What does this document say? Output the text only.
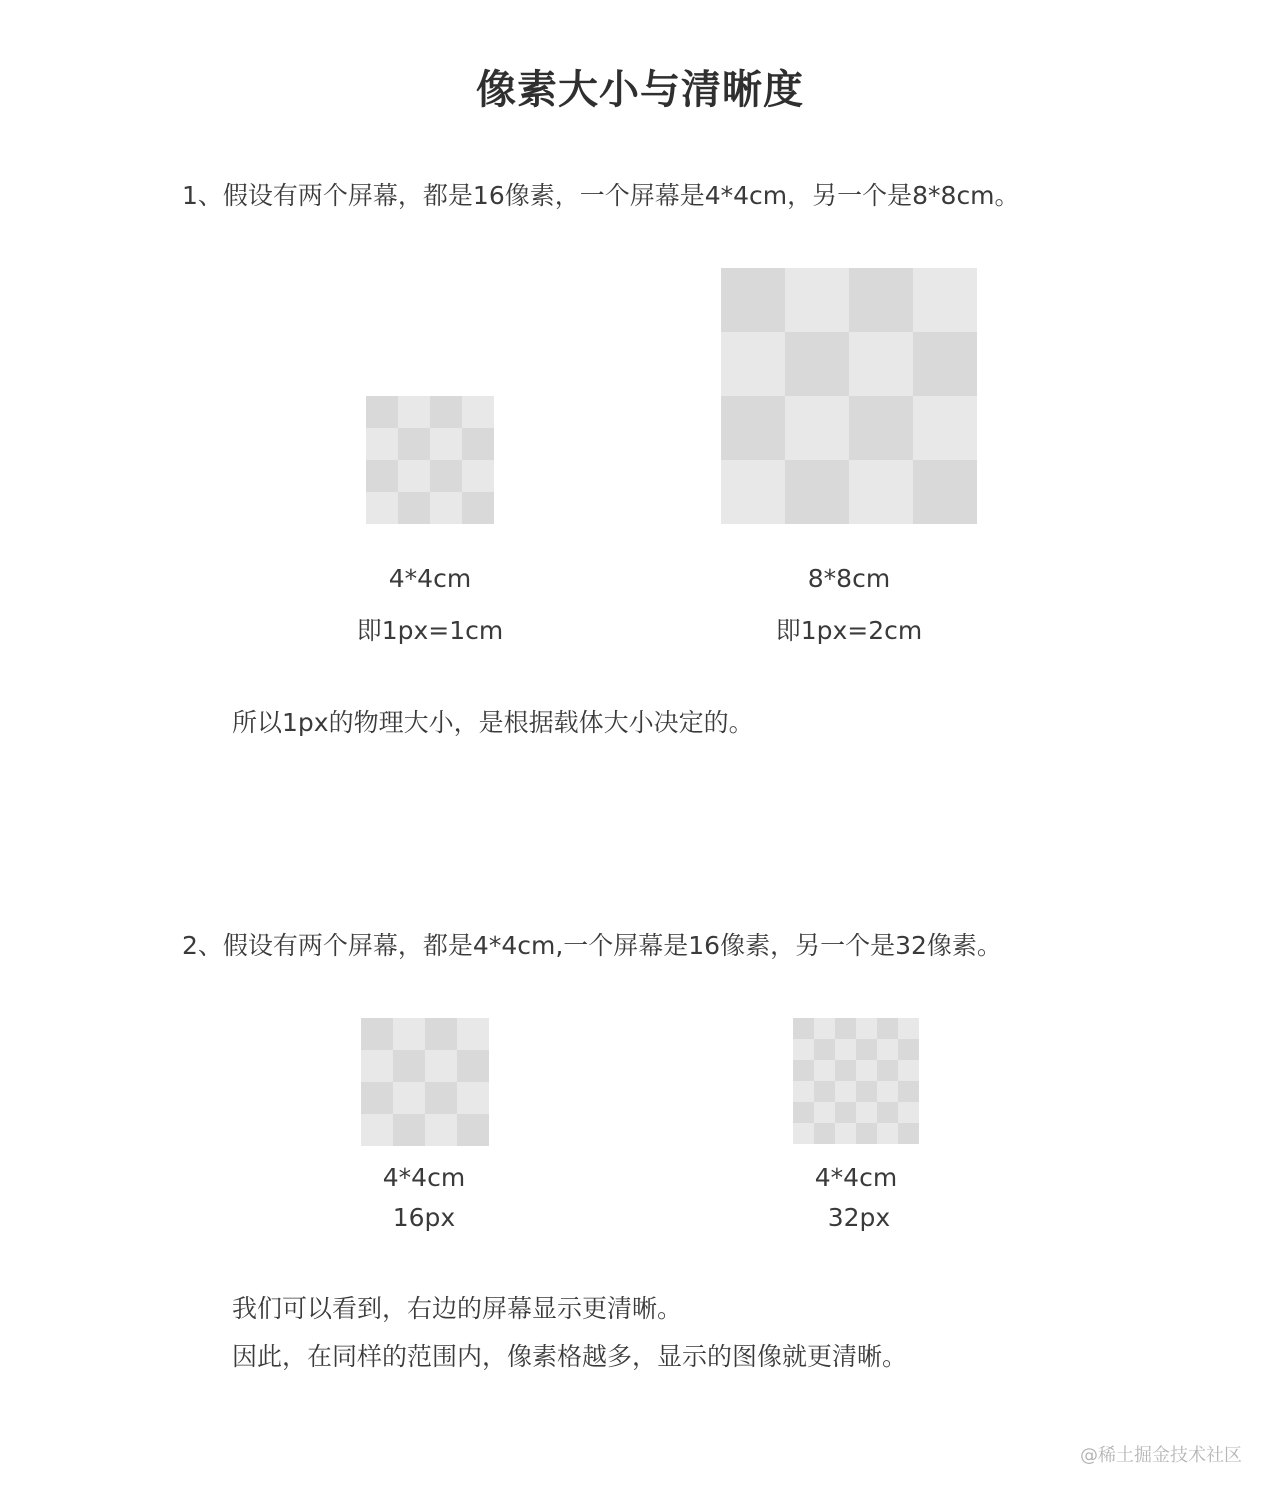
像素大小与清晰度
1、假设有两个屏幕，都是16像素，一个屏幕是4*4cm，另一个是8*8cm。
4*4cm
即1px=1cm
8*8cm
即1px=2cm
所以1px的物理大小，是根据载体大小决定的。
2、假设有两个屏幕，都是4*4cm,一个屏幕是16像素，另一个是32像素。
4*4cm
16px
4*4cm
32px
我们可以看到，右边的屏幕显示更清晰。
因此，在同样的范围内，像素格越多，显示的图像就更清晰。
@稀土掘金技术社区
